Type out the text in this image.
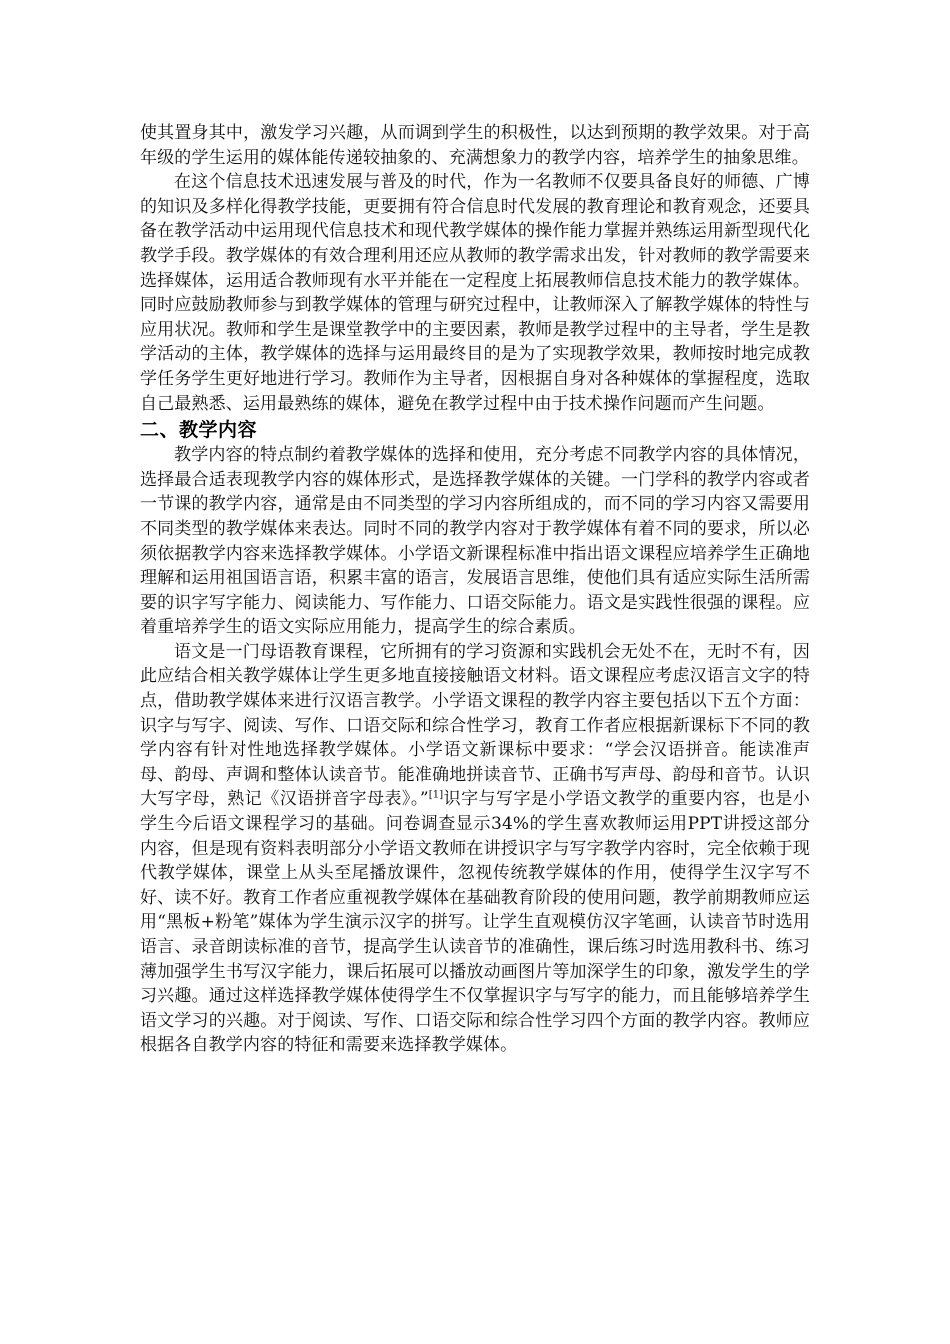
使其置身其中，激发学习兴趣，从而调到学生的积极性，以达到预期的教学效果。对于高年级的学生运用的媒体能传递较抽象的、充满想象力的教学内容，培养学生的抽象思维。

在这个信息技术迅速发展与普及的时代，作为一名教师不仅要具备良好的师德、广博的知识及多样化得教学技能，更要拥有符合信息时代发展的教育理论和教育观念，还要具备在教学活动中运用现代信息技术和现代教学媒体的操作能力掌握并熟练运用新型现代化教学手段。教学媒体的有效合理利用还应从教师的教学需求出发，针对教师的教学需要来选择媒体，运用适合教师现有水平并能在一定程度上拓展教师信息技术能力的教学媒体。同时应鼓励教师参与到教学媒体的管理与研究过程中，让教师深入了解教学媒体的特性与应用状况。教师和学生是课堂教学中的主要因素，教师是教学过程中的主导者，学生是教学活动的主体，教学媒体的选择与运用最终目的是为了实现教学效果，教师按时地完成教学任务学生更好地进行学习。教师作为主导者，因根据自身对各种媒体的掌握程度，选取自己最熟悉、运用最熟练的媒体，避免在教学过程中由于技术操作问题而产生问题。

二、教学内容

教学内容的特点制约着教学媒体的选择和使用，充分考虑不同教学内容的具体情况，选择最合适表现教学内容的媒体形式，是选择教学媒体的关键。一门学科的教学内容或者一节课的教学内容，通常是由不同类型的学习内容所组成的，而不同的学习内容又需要用不同类型的教学媒体来表达。同时不同的教学内容对于教学媒体有着不同的要求，所以必须依据教学内容来选择教学媒体。小学语文新课程标准中指出语文课程应培养学生正确地理解和运用祖国语言语，积累丰富的语言，发展语言思维，使他们具有适应实际生活所需要的识字写字能力、阅读能力、写作能力、口语交际能力。语文是实践性很强的课程。应着重培养学生的语文实际应用能力，提高学生的综合素质。

语文是一门母语教育课程，它所拥有的学习资源和实践机会无处不在，无时不有，因此应结合相关教学媒体让学生更多地直接接触语文材料。语文课程应考虑汉语言文字的特点，借助教学媒体来进行汉语言教学。小学语文课程的教学内容主要包括以下五个方面：识字与写字、阅读、写作、口语交际和综合性学习，教育工作者应根据新课标下不同的教学内容有针对性地选择教学媒体。小学语文新课标中要求：“学会汉语拼音。能读准声母、韵母、声调和整体认读音节。能准确地拼读音节、正确书写声母、韵母和音节。认识大写字母，熟记《汉语拼音字母表》。”[1]识字与写字是小学语文教学的重要内容，也是小学生今后语文课程学习的基础。问卷调查显示34%的学生喜欢教师运用PPT讲授这部分内容，但是现有资料表明部分小学语文教师在讲授识字与写字教学内容时，完全依赖于现代教学媒体，课堂上从头至尾播放课件，忽视传统教学媒体的作用，使得学生汉字写不好、读不好。教育工作者应重视教学媒体在基础教育阶段的使用问题，教学前期教师应运用“黑板+粉笔”媒体为学生演示汉字的拼写。让学生直观模仿汉字笔画，认读音节时选用语言、录音朗读标准的音节，提高学生认读音节的准确性，课后练习时选用教科书、练习薄加强学生书写汉字能力，课后拓展可以播放动画图片等加深学生的印象，激发学生的学习兴趣。通过这样选择教学媒体使得学生不仅掌握识字与写字的能力，而且能够培养学生语文学习的兴趣。对于阅读、写作、口语交际和综合性学习四个方面的教学内容。教师应根据各自教学内容的特征和需要来选择教学媒体。
